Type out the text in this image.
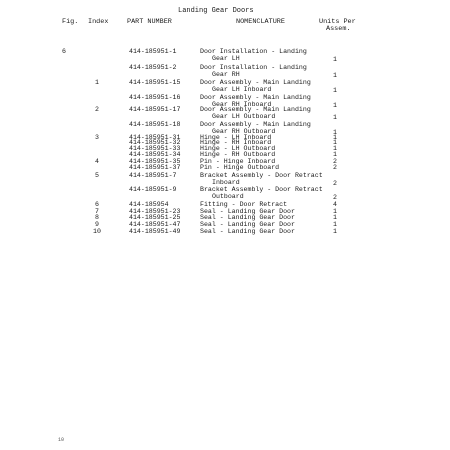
Landing Gear Doors
Fig. Index	PART NUMBER	NOMENCLATURE	Units Per
Assem.
6	414-185951-1	Door Installation - Landing
Gear LH	1
414-185951-2	Door Installation - Landing
Gear RH	1
1	414-185951-15	Door Assembly - Main Landing
Gear LH Inboard	1
414-185951-16	Door Assembly - Main Landing
Gear RH Inboard	1
2	414-185951-17	Door Assembly - Main Landing
Gear LH Outboard	1
414-185951-18	Door Assembly - Main Landing
Gear RH Outboard	1
3	414-185951-31	Hinge - LH Inboard	1
414-185951-32	Hinge - RH Inboard	1
414-185951-33	Hinge - LH Outboard	1
414-185951-34	Hinge - RH Outboard	1
4	414-185951-35	Pin - Hinge Inboard	2
414-185951-37	Pin - Hinge Outboard	2
5	414-185951-7	Bracket Assembly - Door Retract
Inboard	2
414-185951-9	Bracket Assembly - Door Retract
Outboard	2
6	414-185954	Fitting - Door Retract	4
7	414-185951-23	Seal - Landing Gear Door	1
8	414-185951-25	Seal - Landing Gear Door	1
9	414-185951-47	Seal - Landing Gear Door	1
10	414-185951-49	Seal - Landing Gear Door	1
10
